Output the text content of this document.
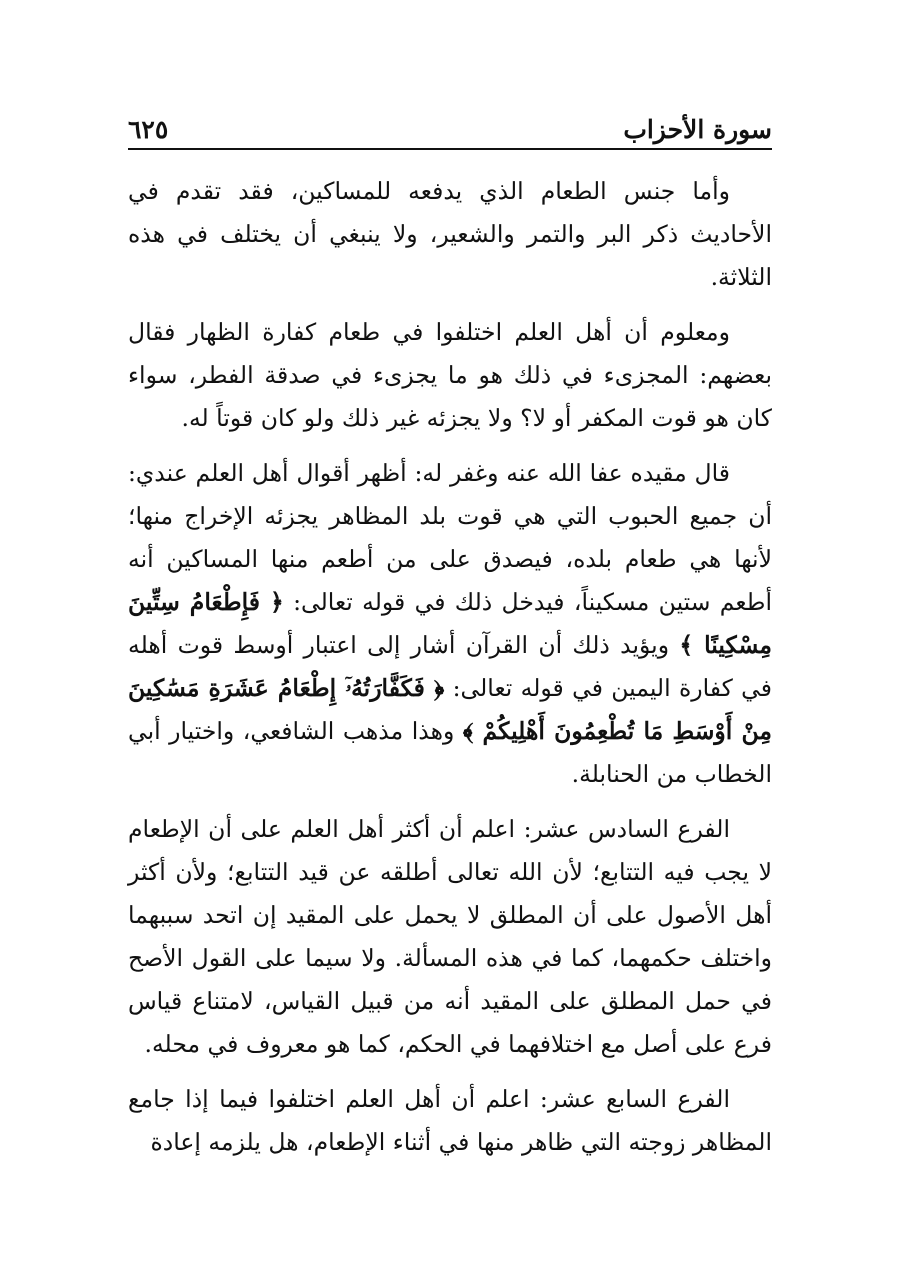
سورة الأحزاب
٦٢٥

وأما جنس الطعام الذي يدفعه للمساكين، فقد تقدم في الأحاديث ذكر البر والتمر والشعير، ولا ينبغي أن يختلف في هذه الثلاثة.

ومعلوم أن أهل العلم اختلفوا في طعام كفارة الظهار فقال بعضهم: المجزىء في ذلك هو ما يجزىء في صدقة الفطر، سواء كان هو قوت المكفر أو لا؟ ولا يجزئه غير ذلك ولو كان قوتاً له.

قال مقيده عفا الله عنه وغفر له: أظهر أقوال أهل العلم عندي: أن جميع الحبوب التي هي قوت بلد المظاهر يجزئه الإخراج منها؛ لأنها هي طعام بلده، فيصدق على من أطعم منها المساكين أنه أطعم ستين مسكيناً، فيدخل ذلك في قوله تعالى: ﴿ فَإِطْعَامُ سِتِّينَ مِسْكِينًا ﴾ ويؤيد ذلك أن القرآن أشار إلى اعتبار أوسط قوت أهله في كفارة اليمين في قوله تعالى: ﴿ فَكَفَّارَتُهُۥٓ إِطْعَامُ عَشَرَةِ مَسَٰكِينَ مِنْ أَوْسَطِ مَا تُطْعِمُونَ أَهْلِيكُمْ ﴾ وهذا مذهب الشافعي، واختيار أبي الخطاب من الحنابلة.

الفرع السادس عشر: اعلم أن أكثر أهل العلم على أن الإطعام لا يجب فيه التتابع؛ لأن الله تعالى أطلقه عن قيد التتابع؛ ولأن أكثر أهل الأصول على أن المطلق لا يحمل على المقيد إن اتحد سببهما واختلف حكمهما، كما في هذه المسألة. ولا سيما على القول الأصح في حمل المطلق على المقيد أنه من قبيل القياس، لامتناع قياس فرع على أصل مع اختلافهما في الحكم، كما هو معروف في محله.

الفرع السابع عشر: اعلم أن أهل العلم اختلفوا فيما إذا جامع المظاهر زوجته التي ظاهر منها في أثناء الإطعام، هل يلزمه إعادة
